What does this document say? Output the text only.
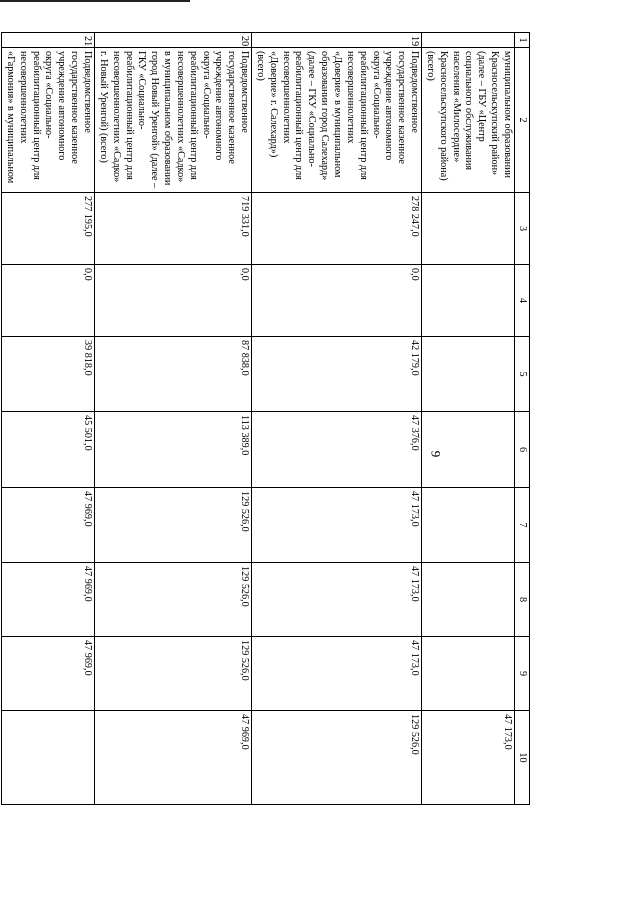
9
1	2	3	4	5	6	7	8	9	10
	муниципальном образовании Красносельскупский район» (далее – ГБУ «Центр социального обслуживания населения «Милосердие» Красносельскупского района) (всего)								47 173,0
19.	Подведомственное государственное казенное учреждение автономного округа «Социально-реабилитационный центр для несовершеннолетних «Доверие» в муниципальном образовании город Салехард» (далее – ГКУ «Социально-реабилитационный центр для несовершеннолетних «Доверие» г. Салехард») (всего)	278 247,0	0,0	42 179,0	47 376,0	47 173,0	47 173,0	47 173,0	129 526,0
20.	Подведомственное государственное казенное учреждение автономного округа «Социально-реабилитационный центр для несовершеннолетних «Садко» в муниципальном образовании город Новый Уренгой» (далее – ГКУ «Социально-реабилитационный центр для несовершеннолетних «Садко» г. Новый Уренгой) (всего)	719 331,0	0,0	87 838,0	113 389,0	129 526,0	129 526,0	129 526,0	47 969,0
21.	Подведомственное государственное казенное учреждение автономного округа «Социально-реабилитационный центр для несовершеннолетних «Гармония» в муниципальном	277 195,0	0,0	39 818,0	45 501,0	47 969,0	47 969,0	47 969,0	
